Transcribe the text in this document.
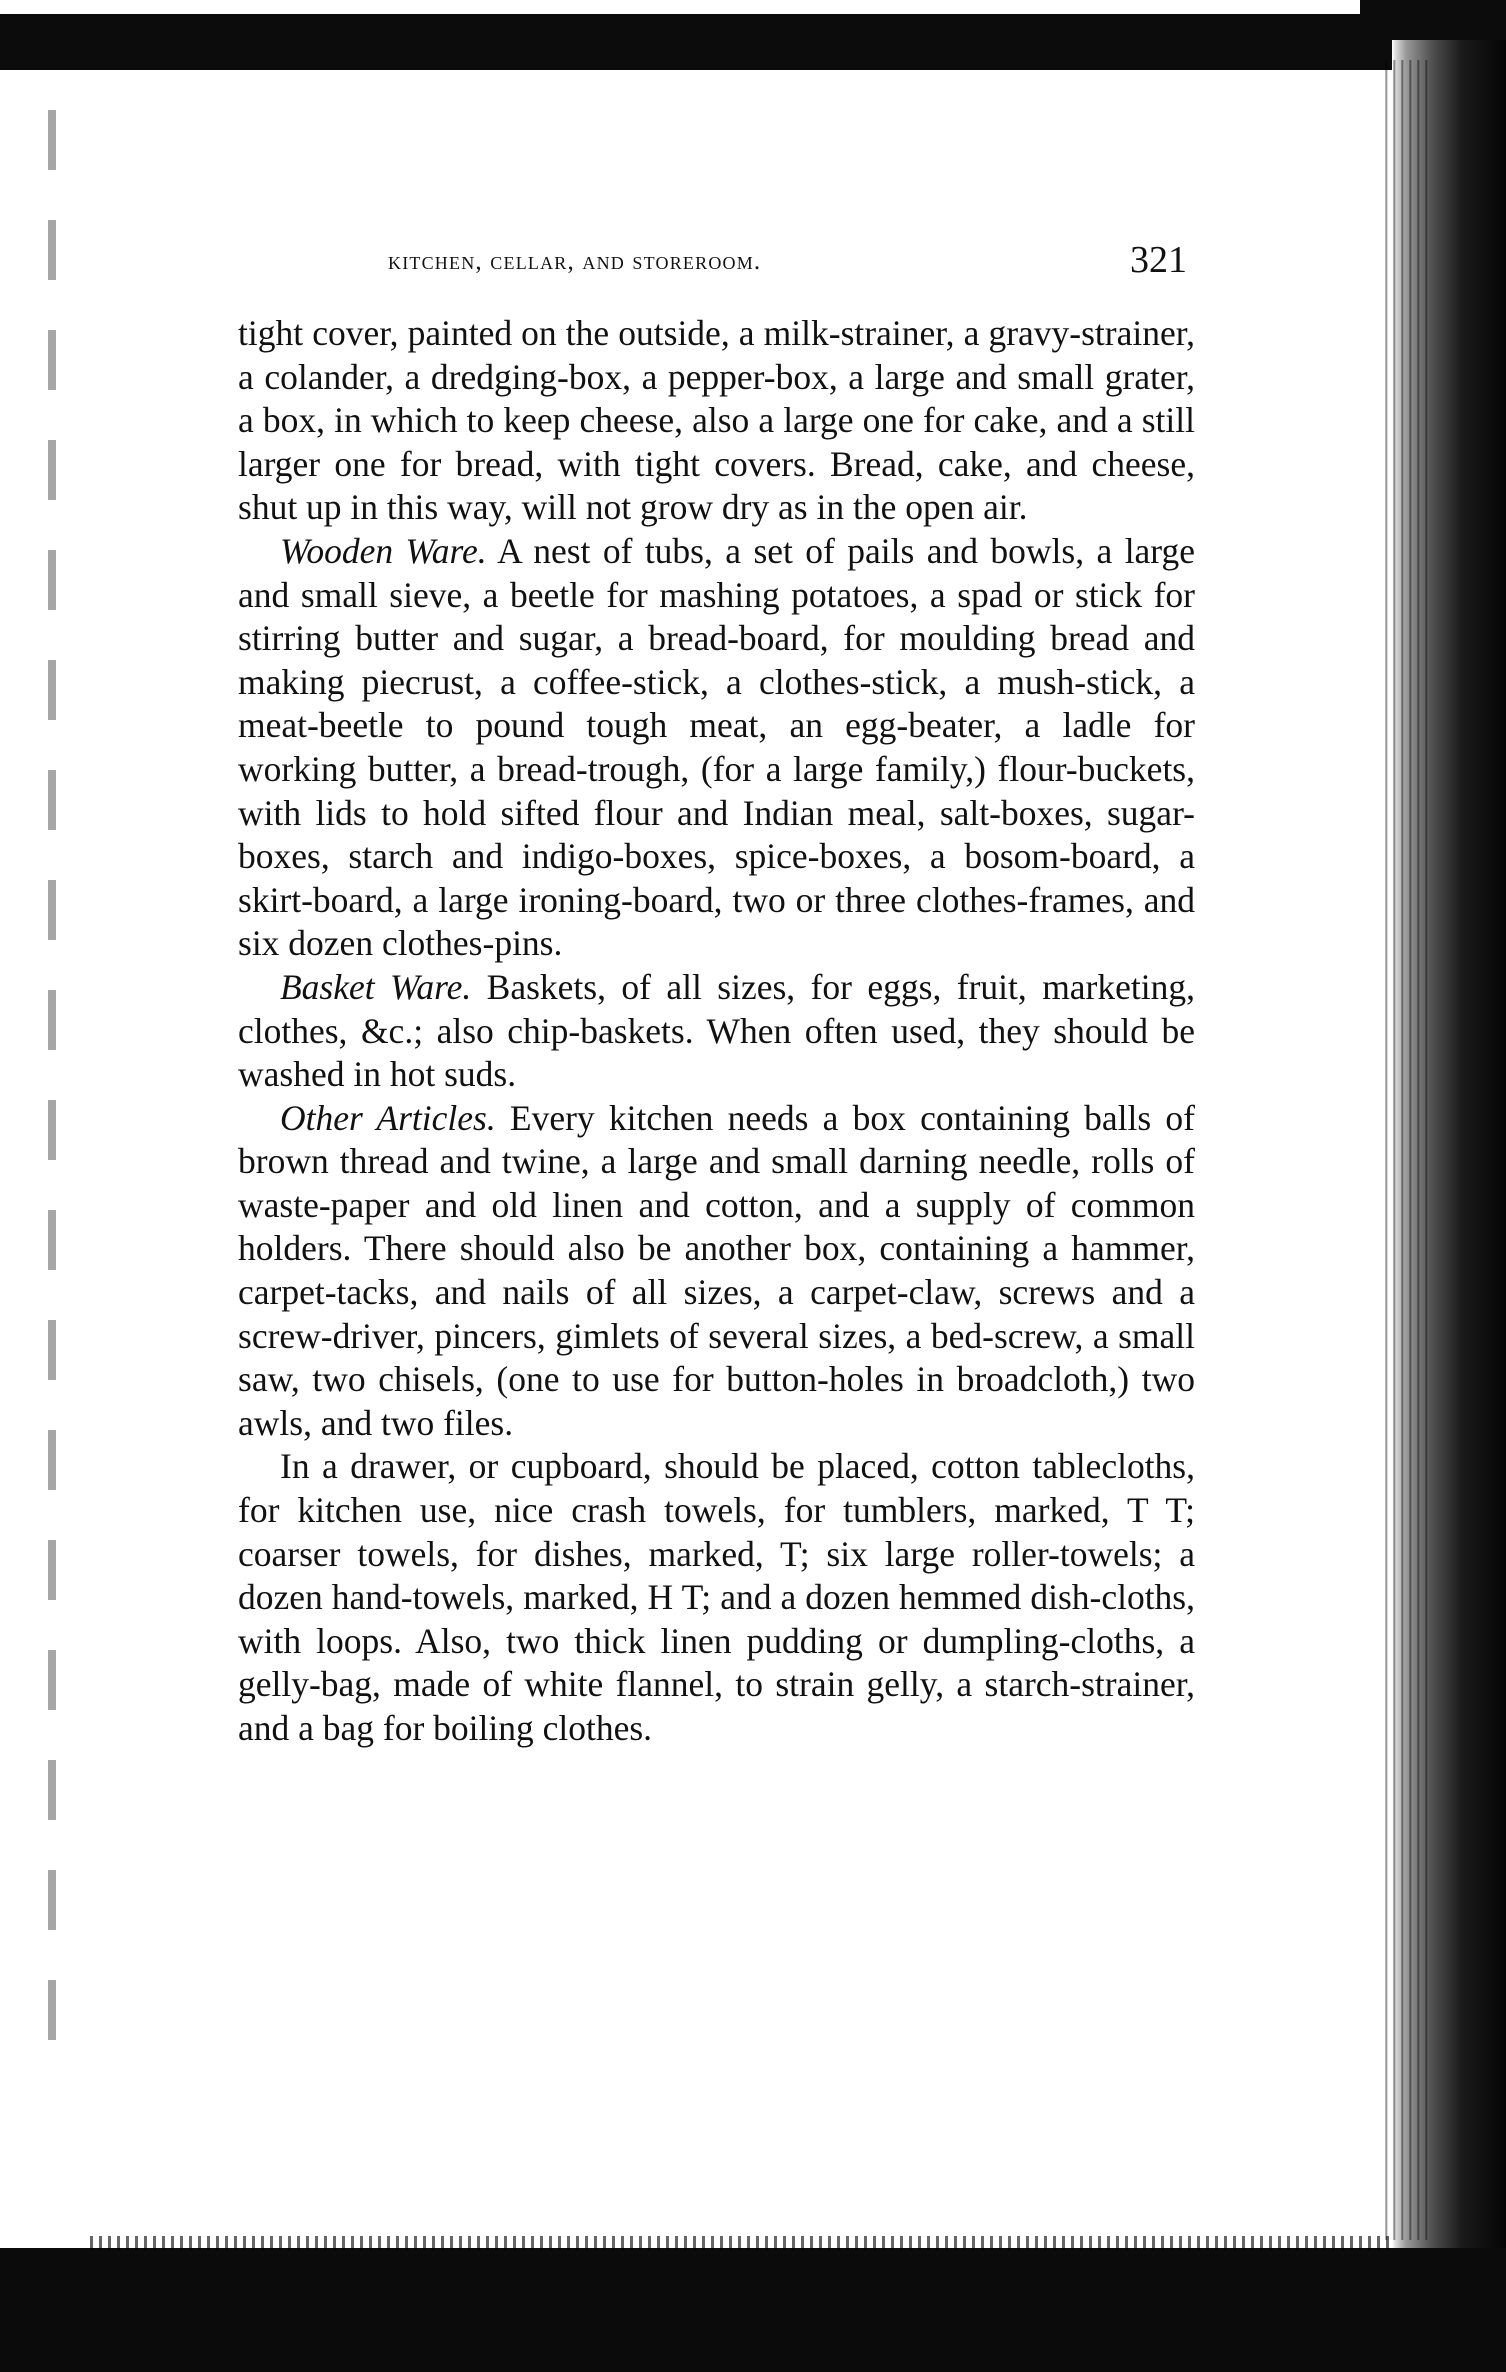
kitchen, cellar, and storeroom.	321

tight cover, painted on the outside, a milk-strainer, a gravy-strainer, a colander, a dredging-box, a pepper-box, a large and small grater, a box, in which to keep cheese, also a large one for cake, and a still larger one for bread, with tight covers. Bread, cake, and cheese, shut up in this way, will not grow dry as in the open air.

Wooden Ware. A nest of tubs, a set of pails and bowls, a large and small sieve, a beetle for mashing potatoes, a spad or stick for stirring butter and sugar, a bread-board, for moulding bread and making piecrust, a coffee-stick, a clothes-stick, a mush-stick, a meat-beetle to pound tough meat, an egg-beater, a ladle for working butter, a bread-trough, (for a large family,) flour-buckets, with lids to hold sifted flour and Indian meal, salt-boxes, sugar-boxes, starch and indigo-boxes, spice-boxes, a bosom-board, a skirt-board, a large ironing-board, two or three clothes-frames, and six dozen clothes-pins.

Basket Ware. Baskets, of all sizes, for eggs, fruit, marketing, clothes, &c.; also chip-baskets. When often used, they should be washed in hot suds.

Other Articles. Every kitchen needs a box containing balls of brown thread and twine, a large and small darning needle, rolls of waste-paper and old linen and cotton, and a supply of common holders. There should also be another box, containing a hammer, carpet-tacks, and nails of all sizes, a carpet-claw, screws and a screw-driver, pincers, gimlets of several sizes, a bed-screw, a small saw, two chisels, (one to use for button-holes in broadcloth,) two awls, and two files.

In a drawer, or cupboard, should be placed, cotton tablecloths, for kitchen use, nice crash towels, for tumblers, marked, T T; coarser towels, for dishes, marked, T; six large roller-towels; a dozen hand-towels, marked, H T; and a dozen hemmed dish-cloths, with loops. Also, two thick linen pudding or dumpling-cloths, a gelly-bag, made of white flannel, to strain gelly, a starch-strainer, and a bag for boiling clothes.
